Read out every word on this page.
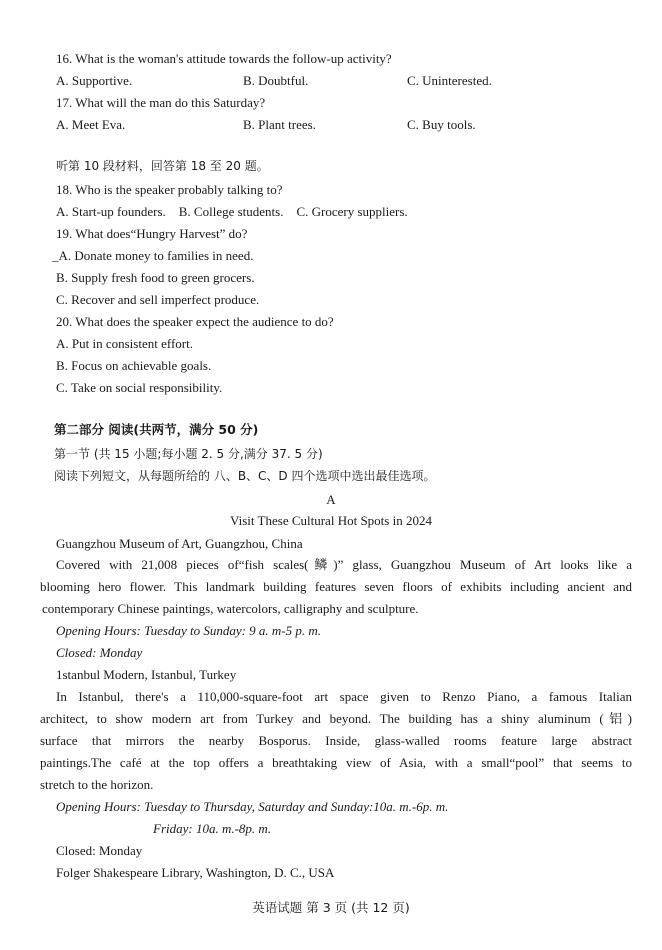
16. What is the woman's attitude towards the follow-up activity?
A. Supportive.	B. Doubtful.	C. Uninterested.
17. What will the man do this Saturday?
A. Meet Eva.	B. Plant trees.	C. Buy tools.
听第 10 段材料，回答第 18 至 20 题。
18. Who is the speaker probably talking to?
A. Start-up founders.    B. College students.    C. Grocery suppliers.
19. What does“Hungry Harvest” do?
_A. Donate money to families in need.
B. Supply fresh food to green grocers.
C. Recover and sell imperfect produce.
20. What does the speaker expect the audience to do?
A. Put in consistent effort.
B. Focus on achievable goals.
C. Take on social responsibility.
第二部分 阅读(共两节，满分 50 分)
第一节 (共 15 小题;每小题 2. 5 分,满分 37. 5 分)
阅读下列短文，从每题所给的 八、B、C、D 四个选项中选出最佳选项。
A
Visit These Cultural Hot Spots in 2024
Guangzhou Museum of Art, Guangzhou, China
Covered with 21,008 pieces of“fish scales(鳞)” glass, Guangzhou Museum of Art looks like a
blooming hero flower. This landmark building features seven floors of exhibits including ancient and
contemporary Chinese paintings, watercolors, calligraphy and sculpture.
Opening Hours: Tuesday to Sunday: 9 a. m-5 p. m.
Closed: Monday
1stanbul Modern, Istanbul, Turkey
In Istanbul, there's a 110,000-square-foot art space given to Renzo Piano, a famous Italian
architect, to show modern art from Turkey and beyond. The building has a shiny aluminum (铝)
surface that mirrors the nearby Bosporus. Inside, glass-walled rooms feature large abstract
paintings.The café at the top offers a breathtaking view of Asia, with a small“pool” that seems to
stretch to the horizon.
Opening Hours: Tuesday to Thursday, Saturday and Sunday:10a. m.-6p. m.
Friday: 10a. m.-8p. m.
Closed: Monday
Folger Shakespeare Library, Washington, D. C., USA
英语试题 第 3 页 (共 12 页)
